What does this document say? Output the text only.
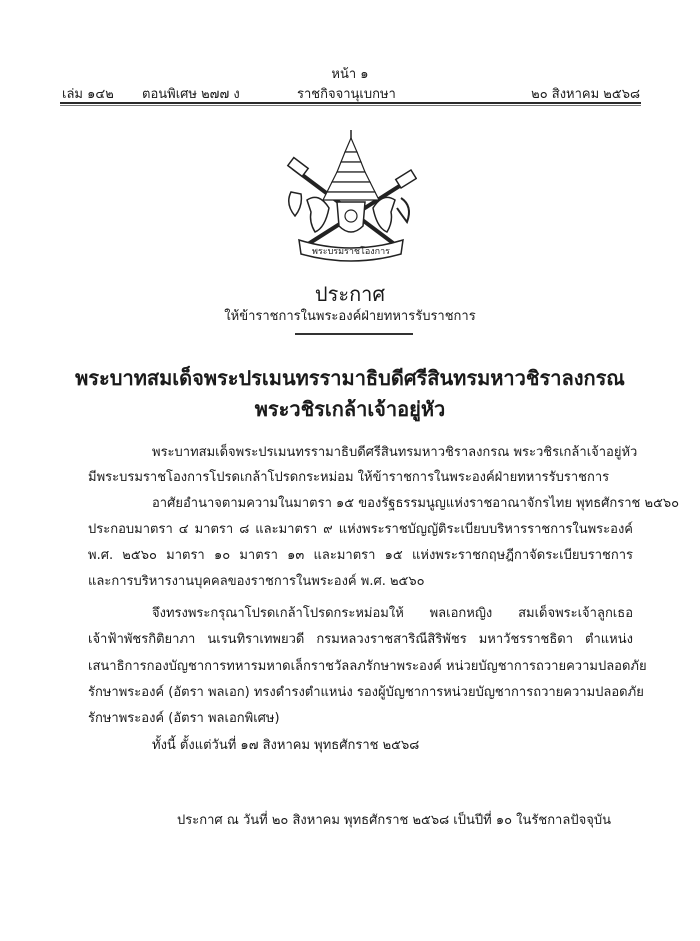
หน้า ๑
เล่ม ๑๔๒ ตอนพิเศษ ๒๗๗ ง	ราชกิจจานุเบกษา	๒๐ สิงหาคม ๒๕๖๘
พระบรมราชโองการ
ประกาศ
ให้ข้าราชการในพระองค์ฝ่ายทหารรับราชการ
พระบาทสมเด็จพระปรเมนทรรามาธิบดีศรีสินทรมหาวชิราลงกรณ
พระวชิรเกล้าเจ้าอยู่หัว
พระบาทสมเด็จพระปรเมนทรรามาธิบดีศรีสินทรมหาวชิราลงกรณ พระวชิรเกล้าเจ้าอยู่หัว
มีพระบรมราชโองการโปรดเกล้าโปรดกระหม่อม ให้ข้าราชการในพระองค์ฝ่ายทหารรับราชการ
อาศัยอำนาจตามความในมาตรา ๑๕ ของรัฐธรรมนูญแห่งราชอาณาจักรไทย พุทธศักราช ๒๕๖๐
ประกอบมาตรา ๔ มาตรา ๘ และมาตรา ๙ แห่งพระราชบัญญัติระเบียบบริหารราชการในพระองค์
พ.ศ. ๒๕๖๐ มาตรา ๑๐ มาตรา ๑๓ และมาตรา ๑๕ แห่งพระราชกฤษฎีกาจัดระเบียบราชการ
และการบริหารงานบุคคลของราชการในพระองค์ พ.ศ. ๒๕๖๐
จึงทรงพระกรุณาโปรดเกล้าโปรดกระหม่อมให้ พลเอกหญิง สมเด็จพระเจ้าลูกเธอ
เจ้าฟ้าพัชรกิติยาภา นเรนทิราเทพยวดี กรมหลวงราชสาริณีสิริพัชร มหาวัชรราชธิดา ตำแหน่ง
เสนาธิการกองบัญชาการทหารมหาดเล็กราชวัลลภรักษาพระองค์ หน่วยบัญชาการถวายความปลอดภัย
รักษาพระองค์ (อัตรา พลเอก) ทรงดำรงตำแหน่ง รองผู้บัญชาการหน่วยบัญชาการถวายความปลอดภัย
รักษาพระองค์ (อัตรา พลเอกพิเศษ)
ทั้งนี้ ตั้งแต่วันที่ ๑๗ สิงหาคม พุทธศักราช ๒๕๖๘
ประกาศ ณ วันที่ ๒๐ สิงหาคม พุทธศักราช ๒๕๖๘ เป็นปีที่ ๑๐ ในรัชกาลปัจจุบัน
